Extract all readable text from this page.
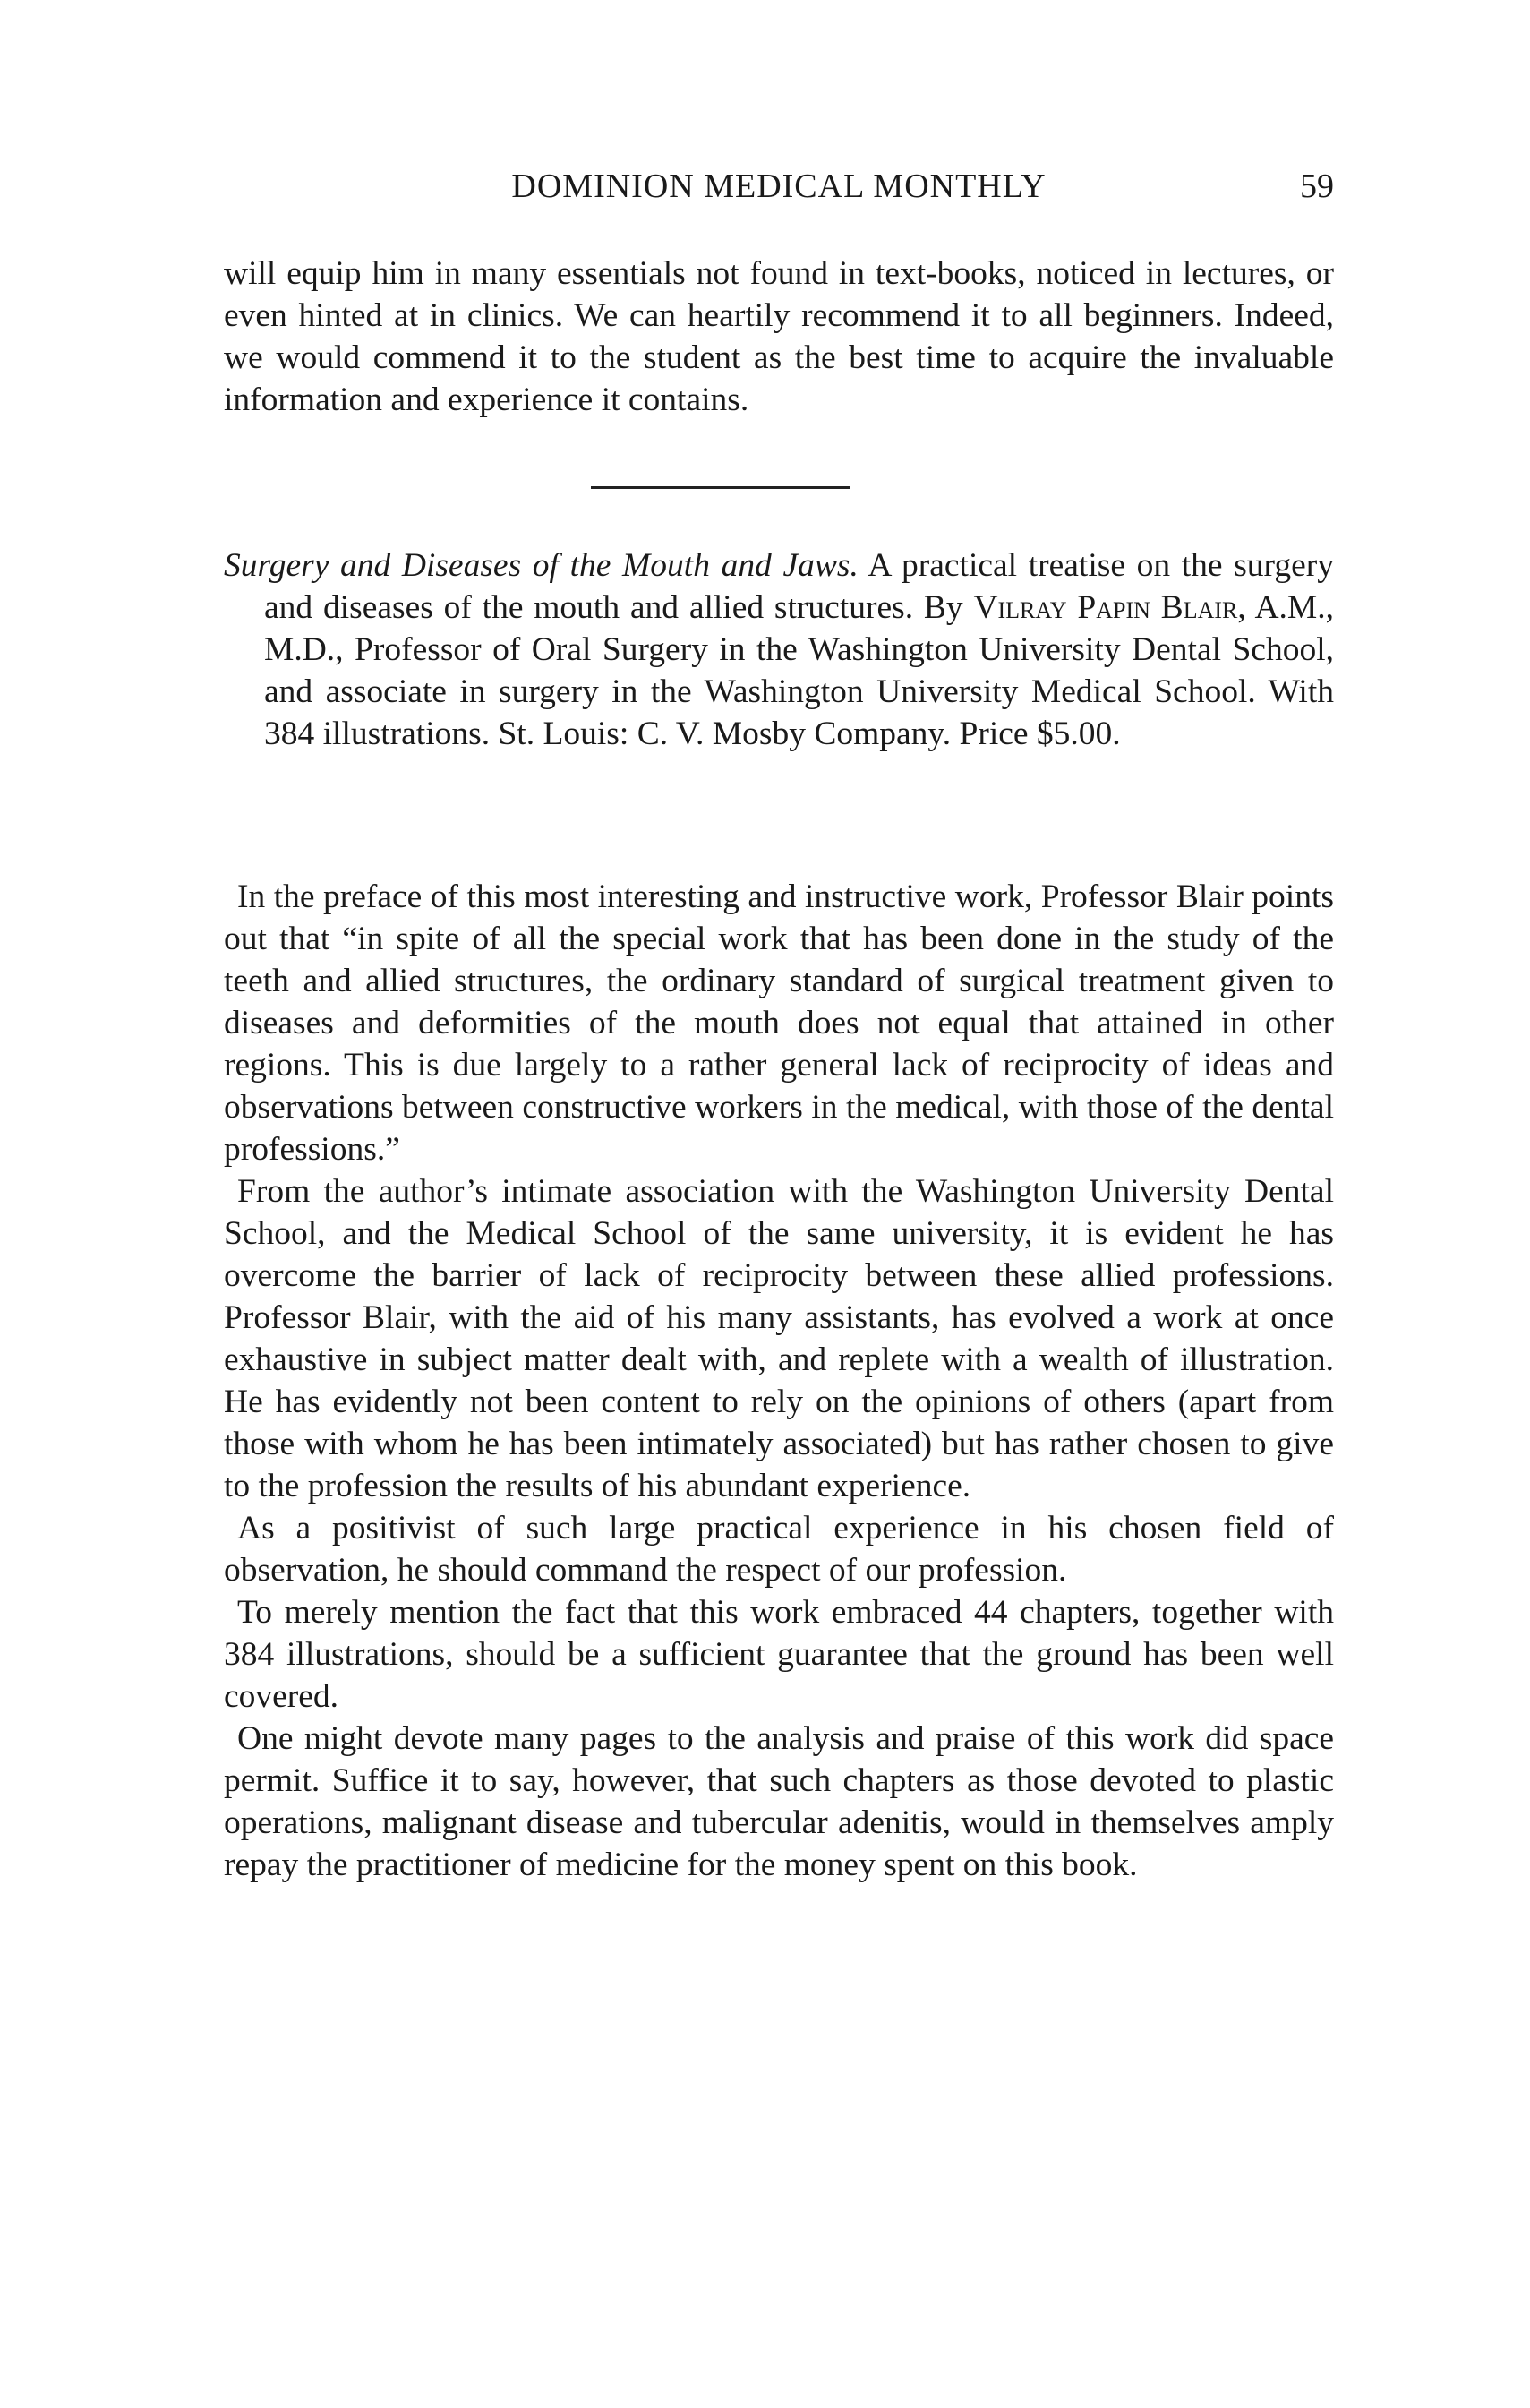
DOMINION MEDICAL MONTHLY	59

will equip him in many essentials not found in text-books, noticed in lectures, or even hinted at in clinics. We can heartily recommend it to all beginners. Indeed, we would commend it to the student as the best time to acquire the invaluable information and experience it contains.

Surgery and Diseases of the Mouth and Jaws. A practical treatise on the surgery and diseases of the mouth and allied structures. By Vilray Papin Blair, A.M., M.D., Professor of Oral Surgery in the Washington University Dental School, and associate in surgery in the Washington University Medical School. With 384 illustrations. St. Louis: C. V. Mosby Company. Price $5.00.

In the preface of this most interesting and instructive work, Professor Blair points out that “in spite of all the special work that has been done in the study of the teeth and allied structures, the ordinary standard of surgical treatment given to diseases and deformities of the mouth does not equal that attained in other regions. This is due largely to a rather general lack of reciprocity of ideas and observations between constructive workers in the medical, with those of the dental professions.”

From the author’s intimate association with the Washington University Dental School, and the Medical School of the same university, it is evident he has overcome the barrier of lack of reciprocity between these allied professions. Professor Blair, with the aid of his many assistants, has evolved a work at once exhaustive in subject matter dealt with, and replete with a wealth of illustration. He has evidently not been content to rely on the opinions of others (apart from those with whom he has been intimately associated) but has rather chosen to give to the profession the results of his abundant experience.

As a positivist of such large practical experience in his chosen field of observation, he should command the respect of our profession.

To merely mention the fact that this work embraced 44 chapters, together with 384 illustrations, should be a sufficient guarantee that the ground has been well covered.

One might devote many pages to the analysis and praise of this work did space permit. Suffice it to say, however, that such chapters as those devoted to plastic operations, malignant disease and tubercular adenitis, would in themselves amply repay the practitioner of medicine for the money spent on this book.
